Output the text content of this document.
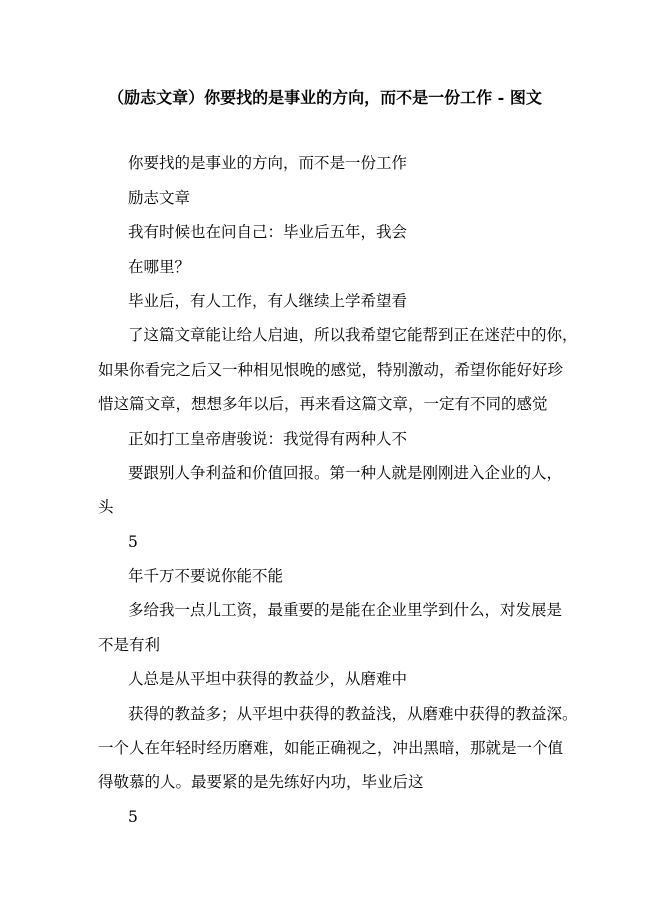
（励志文章）你要找的是事业的方向，而不是一份工作 - 图文
你要找的是事业的方向，而不是一份工作
励志文章
我有时候也在问自己：毕业后五年，我会
在哪里？
毕业后，有人工作，有人继续上学希望看
了这篇文章能让给人启迪，所以我希望它能帮到正在迷茫中的你，
如果你看完之后又一种相见恨晚的感觉，特别激动，希望你能好好珍
惜这篇文章，想想多年以后，再来看这篇文章，一定有不同的感觉
正如打工皇帝唐骏说：我觉得有两种人不
要跟别人争利益和价值回报。第一种人就是刚刚进入企业的人，
头
5
年千万不要说你能不能
多给我一点儿工资，最重要的是能在企业里学到什么，对发展是
不是有利
人总是从平坦中获得的教益少，从磨难中
获得的教益多；从平坦中获得的教益浅，从磨难中获得的教益深。
一个人在年轻时经历磨难，如能正确视之，冲出黑暗，那就是一个值
得敬慕的人。最要紧的是先练好内功，毕业后这
5
